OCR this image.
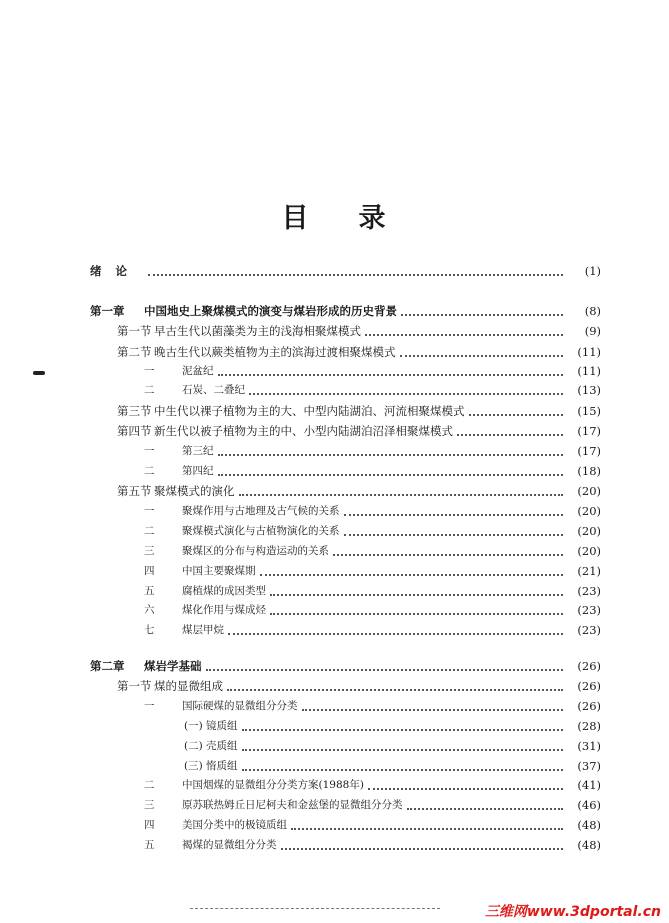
目 录
绪论	(1)
第一章	中国地史上聚煤模式的演变与煤岩形成的历史背景	(8)
第一节 早古生代以菌藻类为主的浅海相聚煤模式	(9)
第二节 晚古生代以蕨类植物为主的滨海过渡相聚煤模式	(11)
一	泥盆纪	(11)
二	石炭、二叠纪	(13)
第三节 中生代以裸子植物为主的大、中型内陆湖泊、河流相聚煤模式	(15)
第四节 新生代以被子植物为主的中、小型内陆湖泊沼泽相聚煤模式	(17)
一	第三纪	(17)
二	第四纪	(18)
第五节 聚煤模式的演化	(20)
一	聚煤作用与古地理及古气候的关系	(20)
二	聚煤模式演化与古植物演化的关系	(20)
三	聚煤区的分布与构造运动的关系	(20)
四	中国主要聚煤期	(21)
五	腐植煤的成因类型	(23)
六	煤化作用与煤成烃	(23)
七	煤层甲烷	(23)
第二章	煤岩学基础	(26)
第一节 煤的显微组成	(26)
一	国际硬煤的显微组分分类	(26)
(一) 镜质组	(28)
(二) 壳质组	(31)
(三) 惰质组	(37)
二	中国烟煤的显微组分分类方案(1988年)	(41)
三	原苏联热姆丘日尼柯夫和金兹堡的显微组分分类	(46)
四	美国分类中的极镜质组	(48)
五	褐煤的显微组分分类	(48)
三维网www.3dportal.cn
